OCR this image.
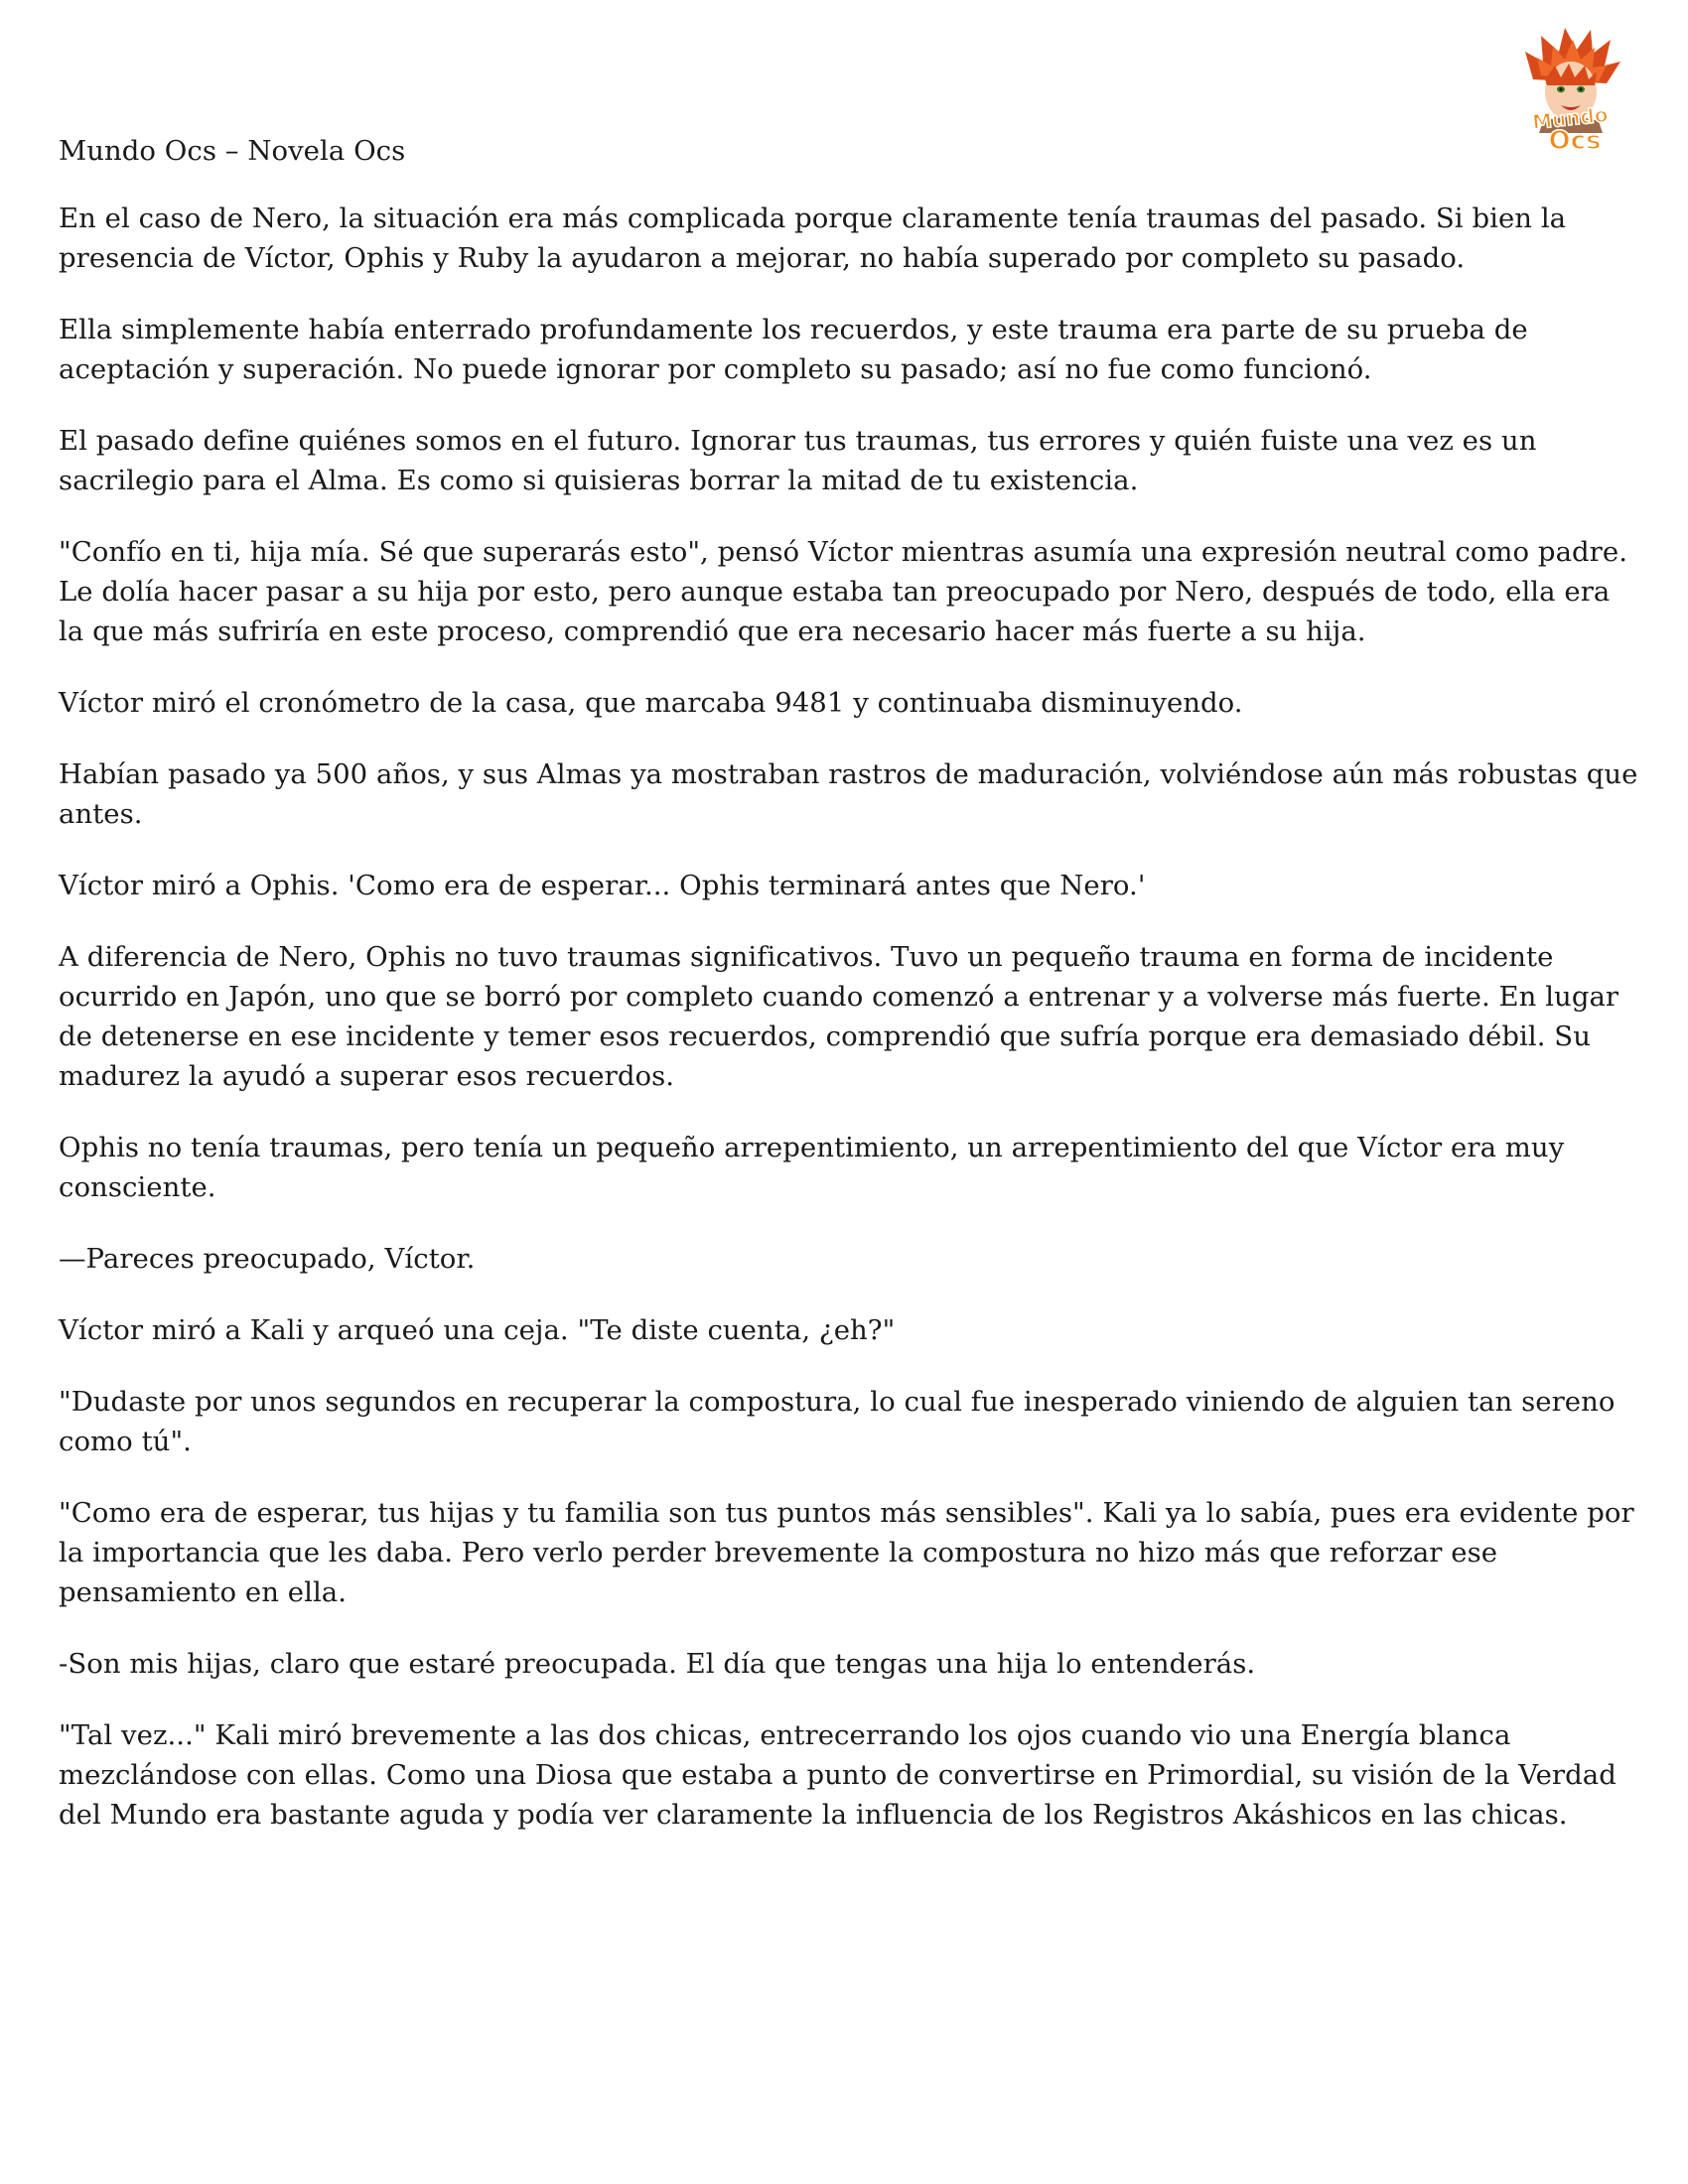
Mundo
Ocs

Mundo Ocs – Novela Ocs

En el caso de Nero, la situación era más complicada porque claramente tenía traumas del pasado. Si bien la presencia de Víctor, Ophis y Ruby la ayudaron a mejorar, no había superado por completo su pasado.

Ella simplemente había enterrado profundamente los recuerdos, y este trauma era parte de su prueba de aceptación y superación. No puede ignorar por completo su pasado; así no fue como funcionó.

El pasado define quiénes somos en el futuro. Ignorar tus traumas, tus errores y quién fuiste una vez es un sacrilegio para el Alma. Es como si quisieras borrar la mitad de tu existencia.

"Confío en ti, hija mía. Sé que superarás esto", pensó Víctor mientras asumía una expresión neutral como padre. Le dolía hacer pasar a su hija por esto, pero aunque estaba tan preocupado por Nero, después de todo, ella era la que más sufriría en este proceso, comprendió que era necesario hacer más fuerte a su hija.

Víctor miró el cronómetro de la casa, que marcaba 9481 y continuaba disminuyendo.

Habían pasado ya 500 años, y sus Almas ya mostraban rastros de maduración, volviéndose aún más robustas que antes.

Víctor miró a Ophis. 'Como era de esperar... Ophis terminará antes que Nero.'

A diferencia de Nero, Ophis no tuvo traumas significativos. Tuvo un pequeño trauma en forma de incidente ocurrido en Japón, uno que se borró por completo cuando comenzó a entrenar y a volverse más fuerte. En lugar de detenerse en ese incidente y temer esos recuerdos, comprendió que sufría porque era demasiado débil. Su madurez la ayudó a superar esos recuerdos.

Ophis no tenía traumas, pero tenía un pequeño arrepentimiento, un arrepentimiento del que Víctor era muy consciente.

—Pareces preocupado, Víctor.

Víctor miró a Kali y arqueó una ceja. "Te diste cuenta, ¿eh?"

"Dudaste por unos segundos en recuperar la compostura, lo cual fue inesperado viniendo de alguien tan sereno como tú".

"Como era de esperar, tus hijas y tu familia son tus puntos más sensibles". Kali ya lo sabía, pues era evidente por la importancia que les daba. Pero verlo perder brevemente la compostura no hizo más que reforzar ese pensamiento en ella.

-Son mis hijas, claro que estaré preocupada. El día que tengas una hija lo entenderás.

"Tal vez..." Kali miró brevemente a las dos chicas, entrecerrando los ojos cuando vio una Energía blanca mezclándose con ellas. Como una Diosa que estaba a punto de convertirse en Primordial, su visión de la Verdad del Mundo era bastante aguda y podía ver claramente la influencia de los Registros Akáshicos en las chicas.
